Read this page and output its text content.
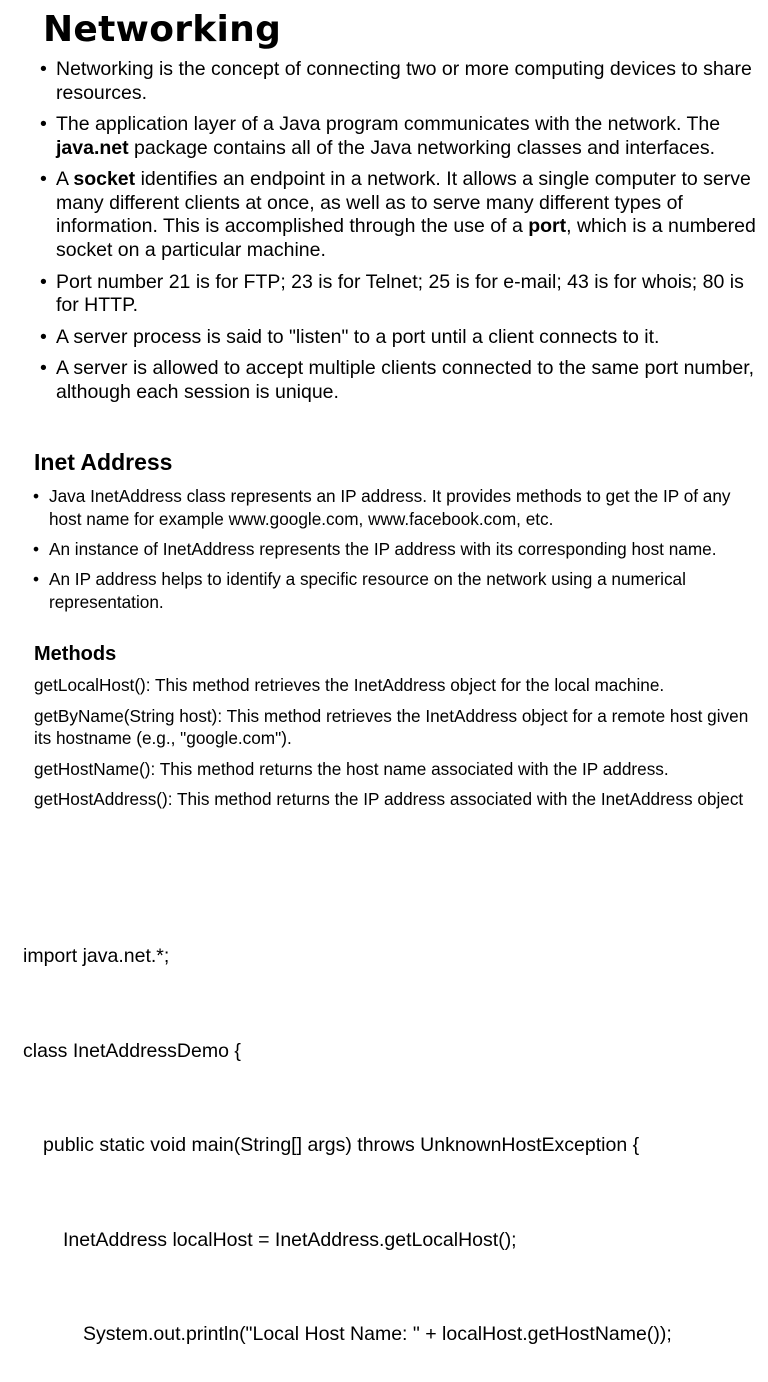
Networking
• Networking is the concept of connecting two or more computing devices to share resources.
• The application layer of a Java program communicates with the network. The java.net package contains all of the Java networking classes and interfaces.
• A socket identifies an endpoint in a network. It allows a single computer to serve many different clients at once, as well as to serve many different types of information. This is accomplished through the use of a port, which is a numbered socket on a particular machine.
• Port number 21 is for FTP; 23 is for Telnet; 25 is for e-mail; 43 is for whois; 80 is for HTTP.
• A server process is said to "listen" to a port until a client connects to it.
• A server is allowed to accept multiple clients connected to the same port number, although each session is unique.
Inet Address
• Java InetAddress class represents an IP address. It provides methods to get the IP of any host name for example www.google.com, www.facebook.com, etc.
• An instance of InetAddress represents the IP address with its corresponding host name.
• An IP address helps to identify a specific resource on the network using a numerical representation.
Methods

getLocalHost(): This method retrieves the InetAddress object for the local machine.

getByName(String host): This method retrieves the InetAddress object for a remote host given its hostname (e.g., "google.com").

getHostName(): This method returns the host name associated with the IP address.

getHostAddress(): This method returns the IP address associated with the InetAddress object

import java.net.*;

class InetAddressDemo {

public static void main(String[] args) throws UnknownHostException {

InetAddress localHost = InetAddress.getLocalHost();

System.out.println("Local Host Name: " + localHost.getHostName());
